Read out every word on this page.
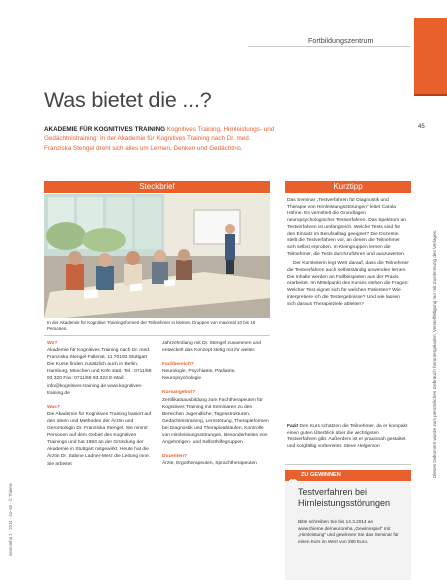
Fortbildungszentrum
45
Dieses Dokument wurde zum persönlichen Gebrauch heruntergeladen. Vervielfältigung nur mit Zustimmung des Verlages.
neuroreha 1 · 2014 · 44–45 · © Thieme
Was bietet die ...?
AKADEMIE FÜR KOGNITIVES TRAINING Kognitives Training, Hirnleistungs- und Gedächtnistraining: In der Akademie für Kognitives Training nach Dr. med. Franziska Stengel dreht sich alles um Lernen, Denken und Gedächtnis.
Steckbrief
In der Akademie für Kognitive Trainingsformen der Teilnehmer in kleinen Gruppen von maximal 10 bis 16 Personen.
Wo?
Akademie für Kognitives Training nach Dr. med. Franziska Stengel Fallenst. 11 70193 Stuttgart Die Kurse finden zusätzlich auch in Berlin, Hamburg, München und Köln statt. Tel.: 0711/69 93 320 Fax: 0711/69 93 322 E-Mail: info@kognitives-training.de www.kognitives-training.de
Was?
Die Akademie für Kognitives Training basiert auf den Ideen und Methoden der Ärztin und Gerontologin Dr. Franziska Stengel. Sie nimmt Personen auf dem Gebiet des Kognitiven Trainings und hat 1993 an der Gründung der Akademie in Stuttgart mitgewirkt. Heute hat die Ärztin Dr. Sabine Ladner-Merz die Leitung inne. Sie arbeitet
Jahrzehntlang mit Dr. Stengel zusammen und entwickelt das Konzept stetig mit ihr weiter.
Fachbereich?
Neurologie, Psychiatrie, Pädiatrie, Neuropsychologie
Kursangebot?
Zertifikatsausbildung zum Fachtherapeuten für Kognitives Training mit Seminaren zu den Bereichen Jugendliche, Tagesstrukturen, Gedächtnistraining, Lernstörung, Therapieformen bei Diagnostik und Therapieabläufen, Kontrolle von Hirnleistungsstörungen, Besonderheiten von Angehörigen- und Selbsthilfegruppen
Dozenten?
Ärzte, Ergotherapeuten, Sprachtherapeuten
Kurztipp

Das Seminar „Testverfahren für Diagnostik und Therapie von Hirnleistungsstörungen“ leitet Carola Höhne. Es vermittelt die Grundlagen neuropsychologischer Testverfahren. Das Spektrum an Testverfahren ist umfangreich. Welche Tests sind für den Einsatz im Berufsalltag geeignet? Die Dozentin stellt die Testverfahren vor, an denen die Teilnehmer sich selbst erproben. In Kleingruppen lernen die Teilnehmer, die Tests durchzuführen und auszuwerten.

Der Kursleiterin legt Wert darauf, dass die Teilnehmer die Testverfahren auch selbstständig anwenden lernen. Die Inhalte werden an Fallbeispielen aus der Praxis erarbeitet. Im Mittelpunkt des Kurses stehen die Fragen: Welcher Test eignet sich für welchen Patienten? Wie interpretiere ich die Testergebnisse? Und wie lassen sich daraus Therapieziele ableiten?

Fazit Den Kurs schätzen die Teilnehmer, da er kompakt einen guten Überblick über die wichtigsten Testverfahren gibt. Außerdem ist er praxisnah gestaltet und sorgfältig vorbereitet. Steve Helgerson
ZU GEWINNEN
Testverfahren bei Hirnleistungsstörungen
Bitte schreiben Sie bis 14.3.2014 an www.thieme.de/neuroreha „Gewinnspiel“ mit „Hirnleistung“ und gewinnen Sie das Seminar für einen Kurs im Wert von 280 Euro.
